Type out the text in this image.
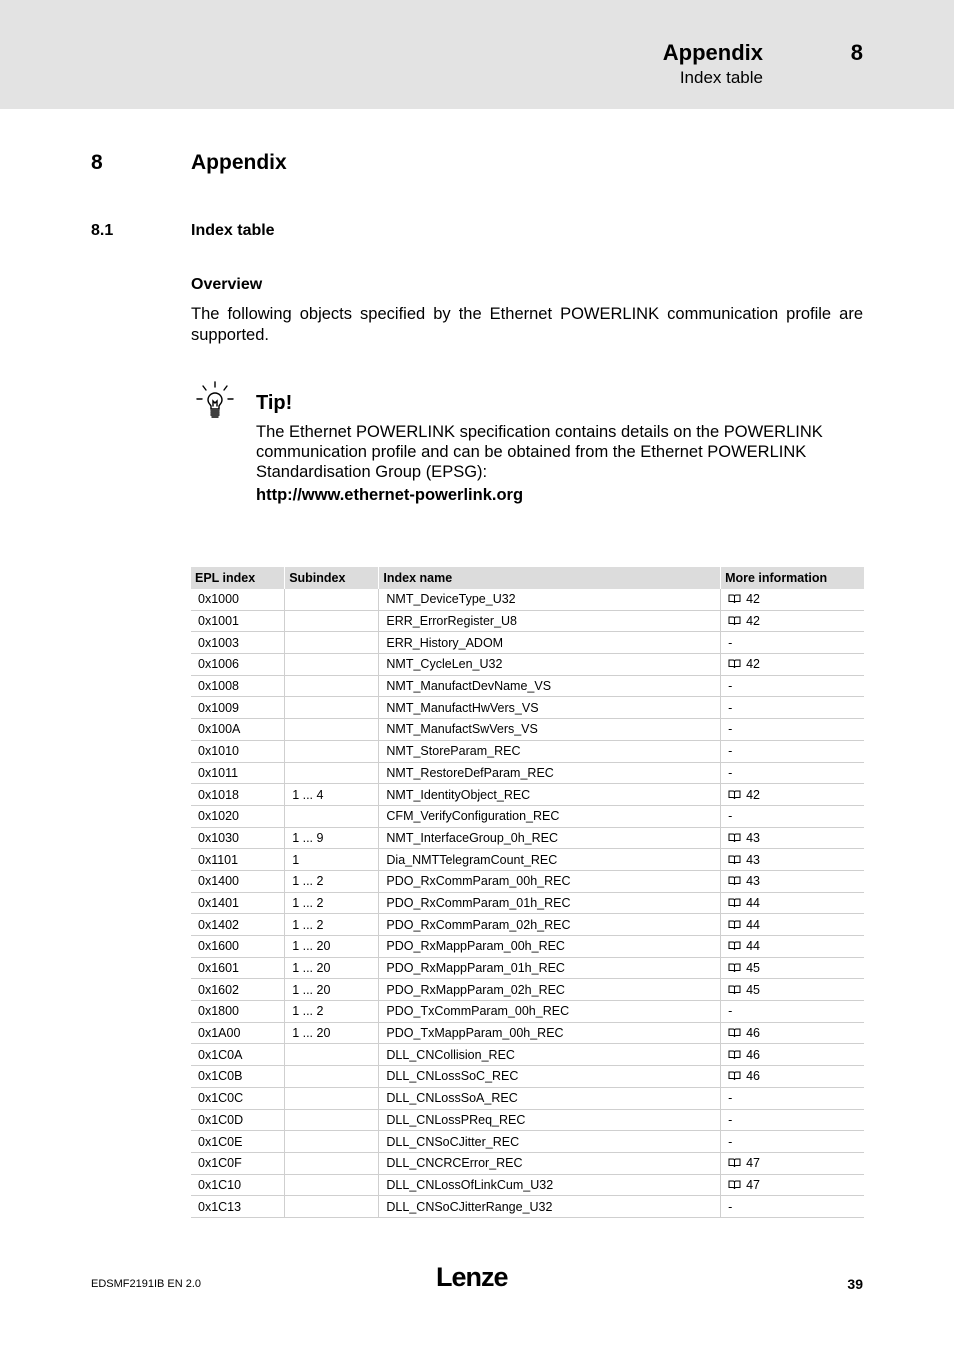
Appendix	8
Index table
8	Appendix
8.1	Index table
Overview
The following objects specified by the Ethernet POWERLINK communication profile are supported.
Tip!
The Ethernet POWERLINK specification contains details on the POWERLINK communication profile and can be obtained from the Ethernet POWERLINK Standardisation Group (EPSG):
http://www.ethernet-powerlink.org
EPL index	Subindex	Index name	More information
0x1000		NMT_DeviceType_U32	42
0x1001		ERR_ErrorRegister_U8	42
0x1003		ERR_History_ADOM	-
0x1006		NMT_CycleLen_U32	42
0x1008		NMT_ManufactDevName_VS	-
0x1009		NMT_ManufactHwVers_VS	-
0x100A		NMT_ManufactSwVers_VS	-
0x1010		NMT_StoreParam_REC	-
0x1011		NMT_RestoreDefParam_REC	-
0x1018	1 ... 4	NMT_IdentityObject_REC	42
0x1020		CFM_VerifyConfiguration_REC	-
0x1030	1 ... 9	NMT_InterfaceGroup_0h_REC	43
0x1101	1	Dia_NMTTelegramCount_REC	43
0x1400	1 ... 2	PDO_RxCommParam_00h_REC	43
0x1401	1 ... 2	PDO_RxCommParam_01h_REC	44
0x1402	1 ... 2	PDO_RxCommParam_02h_REC	44
0x1600	1 ... 20	PDO_RxMappParam_00h_REC	44
0x1601	1 ... 20	PDO_RxMappParam_01h_REC	45
0x1602	1 ... 20	PDO_RxMappParam_02h_REC	45
0x1800	1 ... 2	PDO_TxCommParam_00h_REC	-
0x1A00	1 ... 20	PDO_TxMappParam_00h_REC	46
0x1C0A		DLL_CNCollision_REC	46
0x1C0B		DLL_CNLossSoC_REC	46
0x1C0C		DLL_CNLossSoA_REC	-
0x1C0D		DLL_CNLossPReq_REC	-
0x1C0E		DLL_CNSoCJitter_REC	-
0x1C0F		DLL_CNCRCError_REC	47
0x1C10		DLL_CNLossOfLinkCum_U32	47
0x1C13		DLL_CNSoCJitterRange_U32	-
EDSMF2191IB EN 2.0	Lenze	39
